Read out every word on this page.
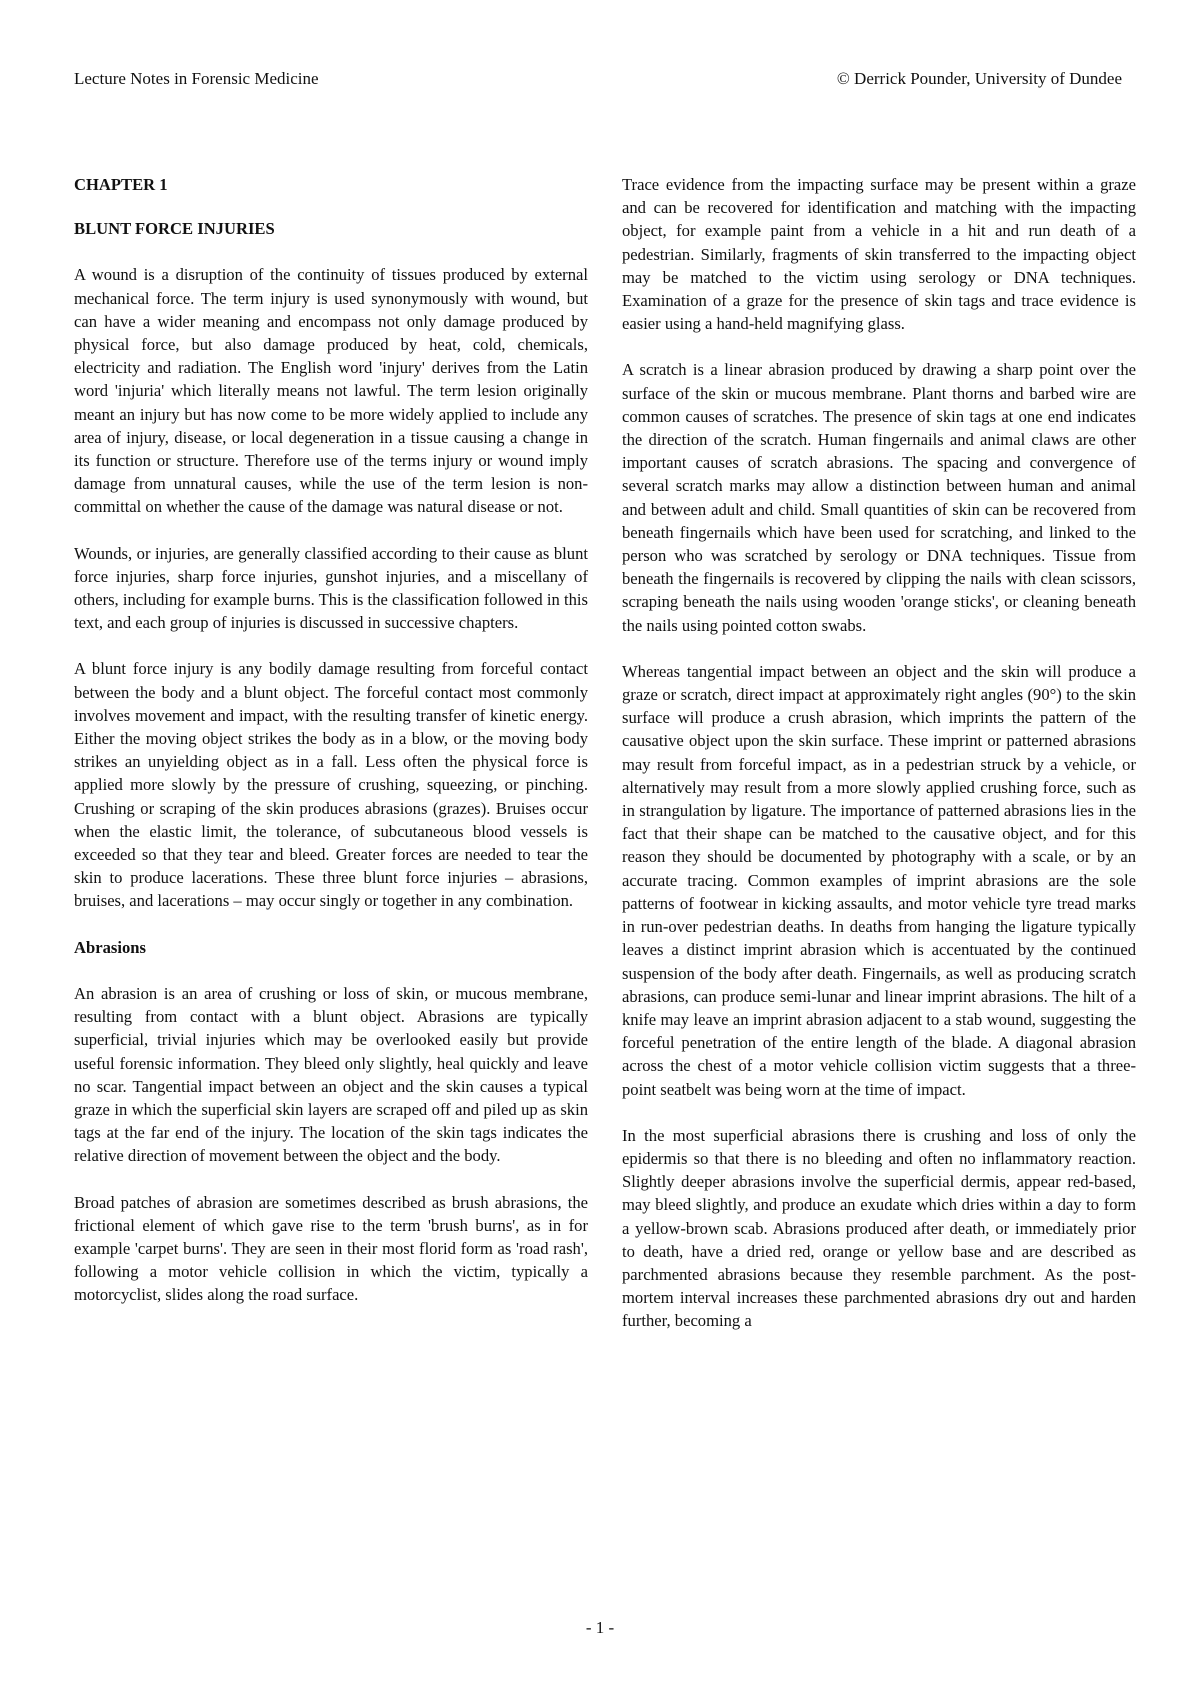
Lecture Notes in Forensic Medicine	© Derrick Pounder, University of Dundee
CHAPTER 1
BLUNT FORCE INJURIES

A wound is a disruption of the continuity of tissues produced by external mechanical force. The term injury is used synonymously with wound, but can have a wider meaning and encompass not only damage produced by physical force, but also damage produced by heat, cold, chemicals, electricity and radiation. The English word 'injury' derives from the Latin word 'injuria' which literally means not lawful. The term lesion originally meant an injury but has now come to be more widely applied to include any area of injury, disease, or local degeneration in a tissue causing a change in its function or structure. Therefore use of the terms injury or wound imply damage from unnatural causes, while the use of the term lesion is non-committal on whether the cause of the damage was natural disease or not.

Wounds, or injuries, are generally classified according to their cause as blunt force injuries, sharp force injuries, gunshot injuries, and a miscellany of others, including for example burns. This is the classification followed in this text, and each group of injuries is discussed in successive chapters.

A blunt force injury is any bodily damage resulting from forceful contact between the body and a blunt object. The forceful contact most commonly involves movement and impact, with the resulting transfer of kinetic energy. Either the moving object strikes the body as in a blow, or the moving body strikes an unyielding object as in a fall. Less often the physical force is applied more slowly by the pressure of crushing, squeezing, or pinching. Crushing or scraping of the skin produces abrasions (grazes). Bruises occur when the elastic limit, the tolerance, of subcutaneous blood vessels is exceeded so that they tear and bleed. Greater forces are needed to tear the skin to produce lacerations. These three blunt force injuries – abrasions, bruises, and lacerations – may occur singly or together in any combination.

Abrasions

An abrasion is an area of crushing or loss of skin, or mucous membrane, resulting from contact with a blunt object. Abrasions are typically superficial, trivial injuries which may be overlooked easily but provide useful forensic information. They bleed only slightly, heal quickly and leave no scar. Tangential impact between an object and the skin causes a typical graze in which the superficial skin layers are scraped off and piled up as skin tags at the far end of the injury. The location of the skin tags indicates the relative direction of movement between the object and the body.

Broad patches of abrasion are sometimes described as brush abrasions, the frictional element of which gave rise to the term 'brush burns', as in for example 'carpet burns'. They are seen in their most florid form as 'road rash', following a motor vehicle collision in which the victim, typically a motorcyclist, slides along the road surface.

Trace evidence from the impacting surface may be present within a graze and can be recovered for identification and matching with the impacting object, for example paint from a vehicle in a hit and run death of a pedestrian. Similarly, fragments of skin transferred to the impacting object may be matched to the victim using serology or DNA techniques. Examination of a graze for the presence of skin tags and trace evidence is easier using a hand-held magnifying glass.

A scratch is a linear abrasion produced by drawing a sharp point over the surface of the skin or mucous membrane. Plant thorns and barbed wire are common causes of scratches. The presence of skin tags at one end indicates the direction of the scratch. Human fingernails and animal claws are other important causes of scratch abrasions. The spacing and convergence of several scratch marks may allow a distinction between human and animal and between adult and child. Small quantities of skin can be recovered from beneath fingernails which have been used for scratching, and linked to the person who was scratched by serology or DNA techniques. Tissue from beneath the fingernails is recovered by clipping the nails with clean scissors, scraping beneath the nails using wooden 'orange sticks', or cleaning beneath the nails using pointed cotton swabs.

Whereas tangential impact between an object and the skin will produce a graze or scratch, direct impact at approximately right angles (90°) to the skin surface will produce a crush abrasion, which imprints the pattern of the causative object upon the skin surface. These imprint or patterned abrasions may result from forceful impact, as in a pedestrian struck by a vehicle, or alternatively may result from a more slowly applied crushing force, such as in strangulation by ligature. The importance of patterned abrasions lies in the fact that their shape can be matched to the causative object, and for this reason they should be documented by photography with a scale, or by an accurate tracing. Common examples of imprint abrasions are the sole patterns of footwear in kicking assaults, and motor vehicle tyre tread marks in run-over pedestrian deaths. In deaths from hanging the ligature typically leaves a distinct imprint abrasion which is accentuated by the continued suspension of the body after death. Fingernails, as well as producing scratch abrasions, can produce semi-lunar and linear imprint abrasions. The hilt of a knife may leave an imprint abrasion adjacent to a stab wound, suggesting the forceful penetration of the entire length of the blade. A diagonal abrasion across the chest of a motor vehicle collision victim suggests that a three-point seatbelt was being worn at the time of impact.

In the most superficial abrasions there is crushing and loss of only the epidermis so that there is no bleeding and often no inflammatory reaction. Slightly deeper abrasions involve the superficial dermis, appear red-based, may bleed slightly, and produce an exudate which dries within a day to form a yellow-brown scab. Abrasions produced after death, or immediately prior to death, have a dried red, orange or yellow base and are described as parchmented abrasions because they resemble parchment. As the post-mortem interval increases these parchmented abrasions dry out and harden further, becoming a

- 1 -
